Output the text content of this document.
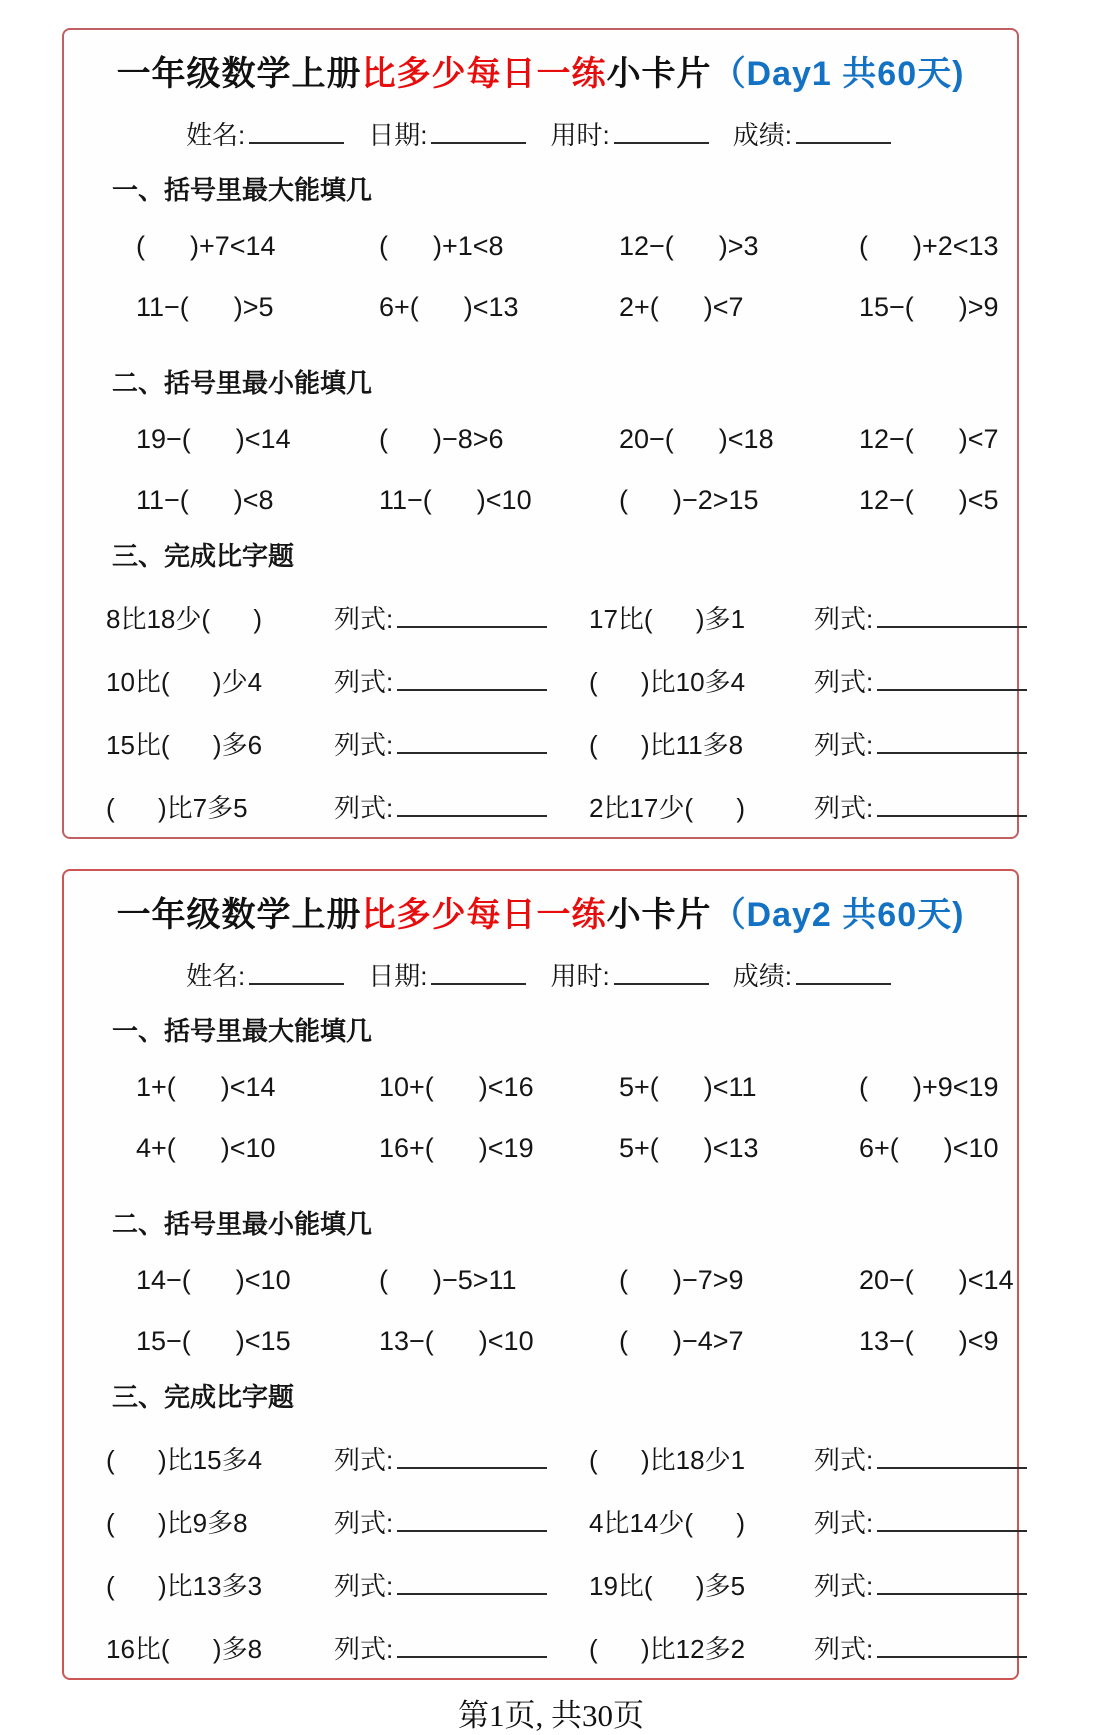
一年级数学上册比多少每日一练小卡片（Day1 共60天)
姓名:	日期:	用时:	成绩:
一、括号里最大能填几
(      )+7<14	(      )+1<8	12−(      )>3	(      )+2<13
11−(      )>5	6+(      )<13	2+(      )<7	15−(      )>9
二、括号里最小能填几
19−(      )<14	(      )−8>6	20−(      )<18	12−(      )<7
11−(      )<8	11−(      )<10	(      )−2>15	12−(      )<5
三、完成比字题
8比18少(      )	列式:	17比(      )多1	列式:
10比(      )少4	列式:	(      )比10多4	列式:
15比(      )多6	列式:	(      )比11多8	列式:
(      )比7多5	列式:	2比17少(      )	列式:
一年级数学上册比多少每日一练小卡片（Day2 共60天)
姓名:	日期:	用时:	成绩:
一、括号里最大能填几
1+(      )<14	10+(      )<16	5+(      )<11	(      )+9<19
4+(      )<10	16+(      )<19	5+(      )<13	6+(      )<10
二、括号里最小能填几
14−(      )<10	(      )−5>11	(      )−7>9	20−(      )<14
15−(      )<15	13−(      )<10	(      )−4>7	13−(      )<9
三、完成比字题
(      )比15多4	列式:	(      )比18少1	列式:
(      )比9多8	列式:	4比14少(      )	列式:
(      )比13多3	列式:	19比(      )多5	列式:
16比(      )多8	列式:	(      )比12多2	列式:
第1页, 共30页
